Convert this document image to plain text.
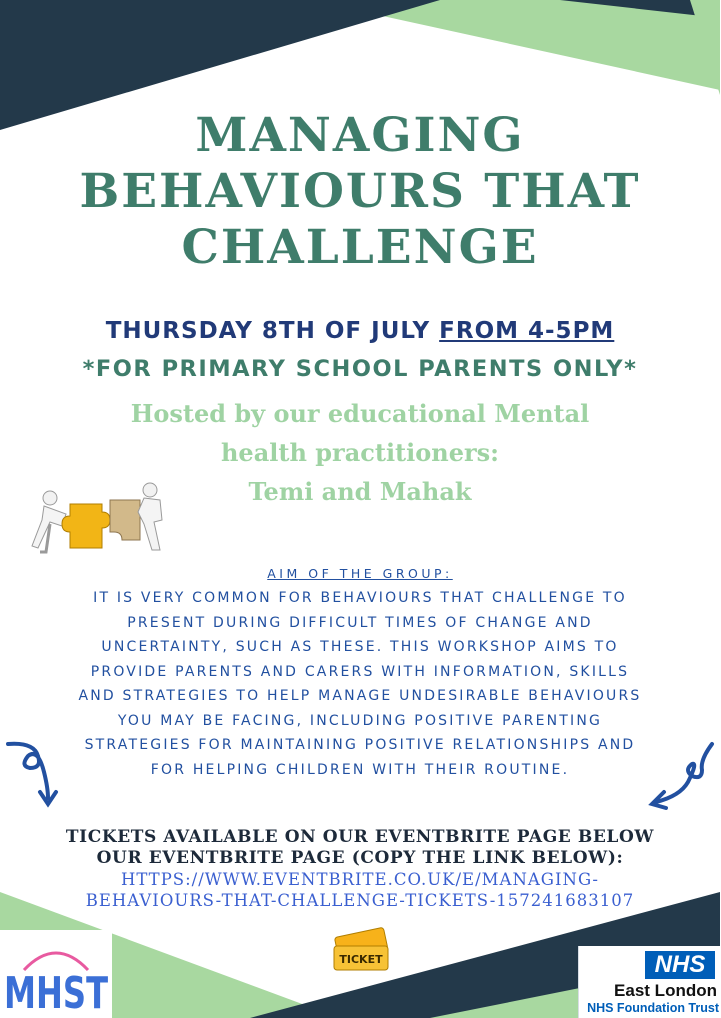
MANAGING
BEHAVIOURS THAT
CHALLENGE
THURSDAY 8TH OF JULY FROM 4-5PM
*FOR PRIMARY SCHOOL PARENTS ONLY*
Hosted by our educational Mental
health practitioners:
Temi and Mahak
AIM OF THE GROUP:
IT IS VERY COMMON FOR BEHAVIOURS THAT CHALLENGE TO
PRESENT DURING DIFFICULT TIMES OF CHANGE AND
UNCERTAINTY, SUCH AS THESE. THIS WORKSHOP AIMS TO
PROVIDE PARENTS AND CARERS WITH INFORMATION, SKILLS
AND STRATEGIES TO HELP MANAGE UNDESIRABLE BEHAVIOURS
YOU MAY BE FACING, INCLUDING POSITIVE PARENTING
STRATEGIES FOR MAINTAINING POSITIVE RELATIONSHIPS AND
FOR HELPING CHILDREN WITH THEIR ROUTINE.
TICKETS AVAILABLE ON OUR EVENTBRITE PAGE BELOW
OUR EVENTBRITE PAGE (COPY THE LINK BELOW):
HTTPS://WWW.EVENTBRITE.CO.UK/E/MANAGING-
BEHAVIOURS-THAT-CHALLENGE-TICKETS-157241683107
TICKET
MHST
NHS
East London
NHS Foundation Trust
